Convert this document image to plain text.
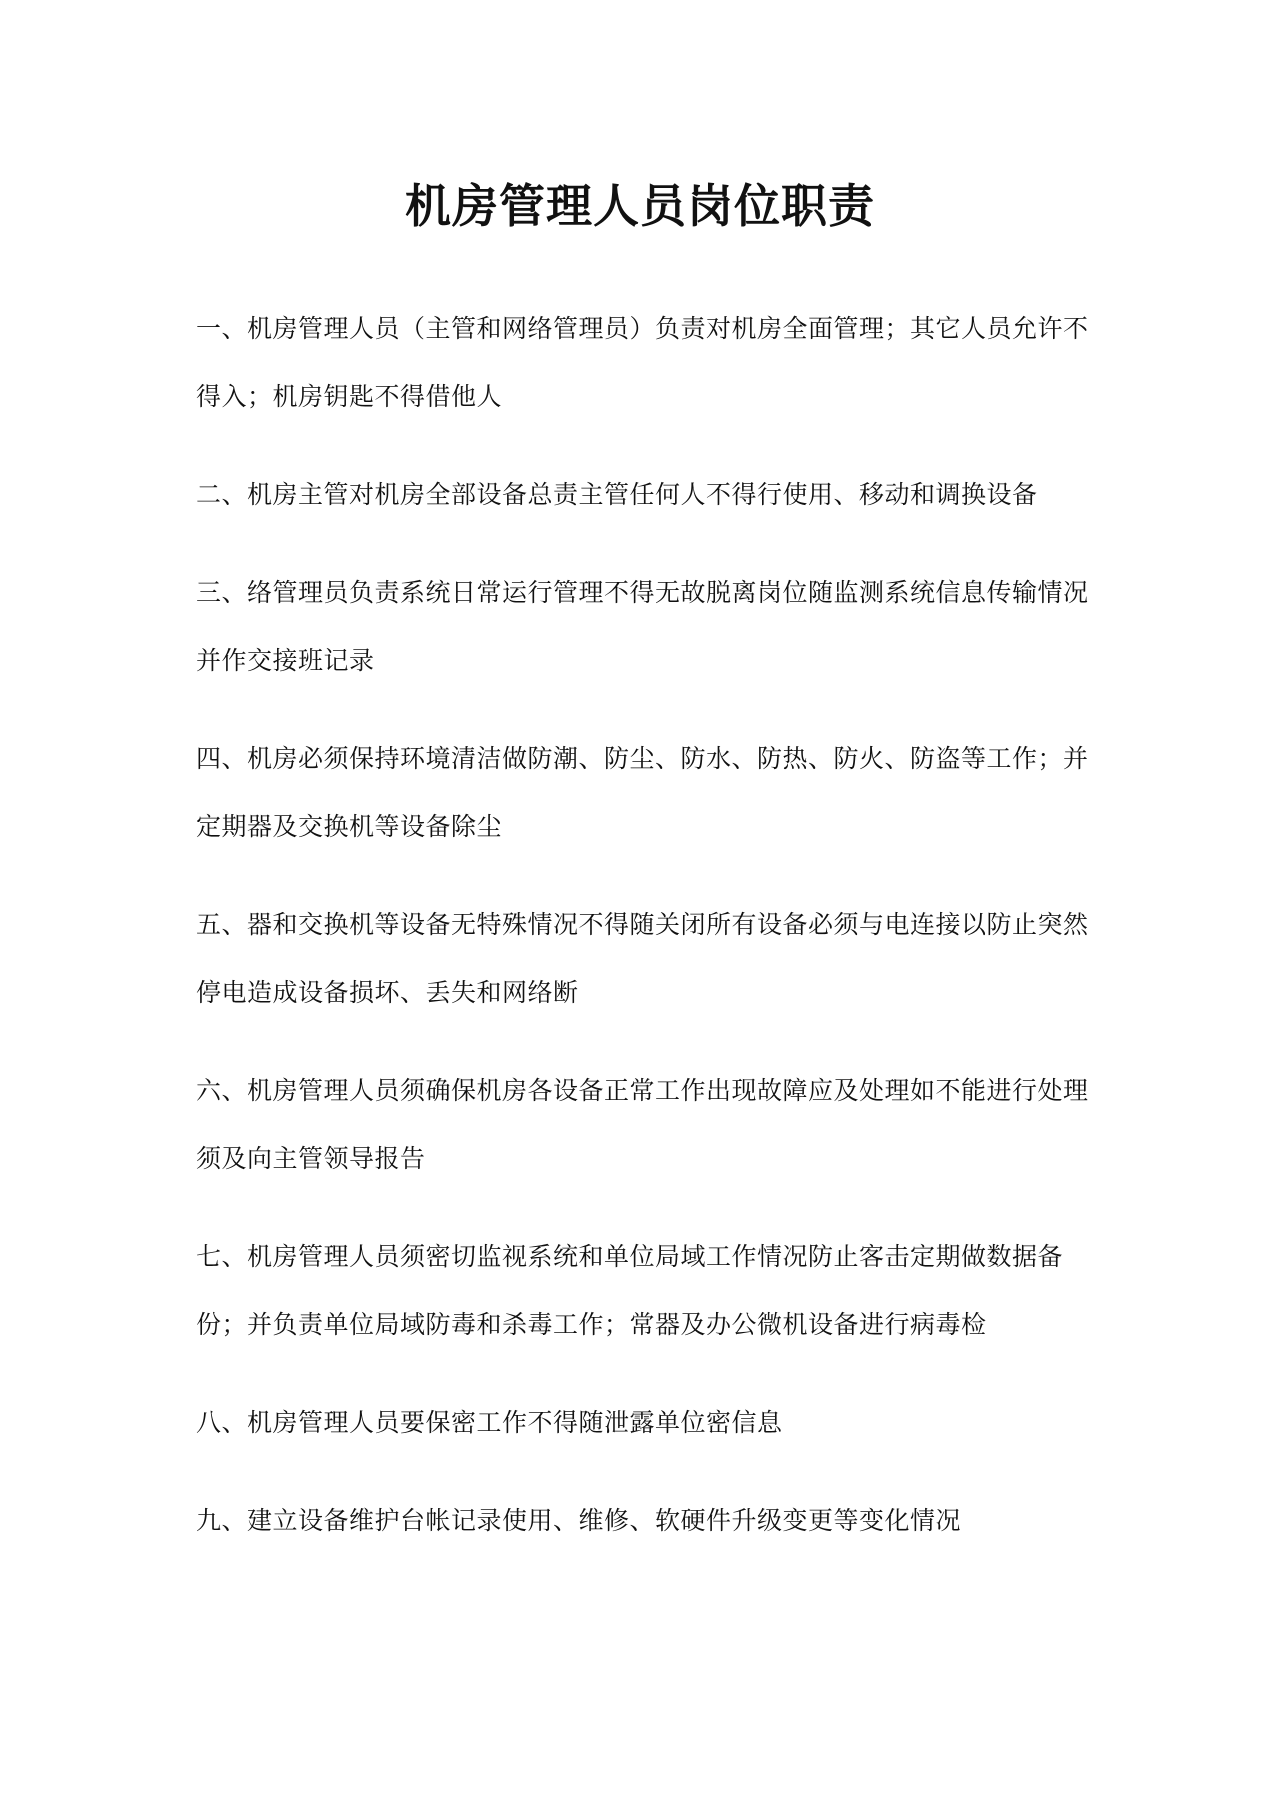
机房管理人员岗位职责
一、机房管理人员（主管和网络管理员）负责对机房全面管理；其它人员允许不得入；机房钥匙不得借他人
二、机房主管对机房全部设备总责主管任何人不得行使用、移动和调换设备
三、络管理员负责系统日常运行管理不得无故脱离岗位随监测系统信息传输情况并作交接班记录
四、机房必须保持环境清洁做防潮、防尘、防水、防热、防火、防盗等工作；并定期器及交换机等设备除尘
五、器和交换机等设备无特殊情况不得随关闭所有设备必须与电连接以防止突然停电造成设备损坏、丢失和网络断
六、机房管理人员须确保机房各设备正常工作出现故障应及处理如不能进行处理须及向主管领导报告
七、机房管理人员须密切监视系统和单位局域工作情况防止客击定期做数据备份；并负责单位局域防毒和杀毒工作；常器及办公微机设备进行病毒检
八、机房管理人员要保密工作不得随泄露单位密信息
九、建立设备维护台帐记录使用、维修、软硬件升级变更等变化情况
